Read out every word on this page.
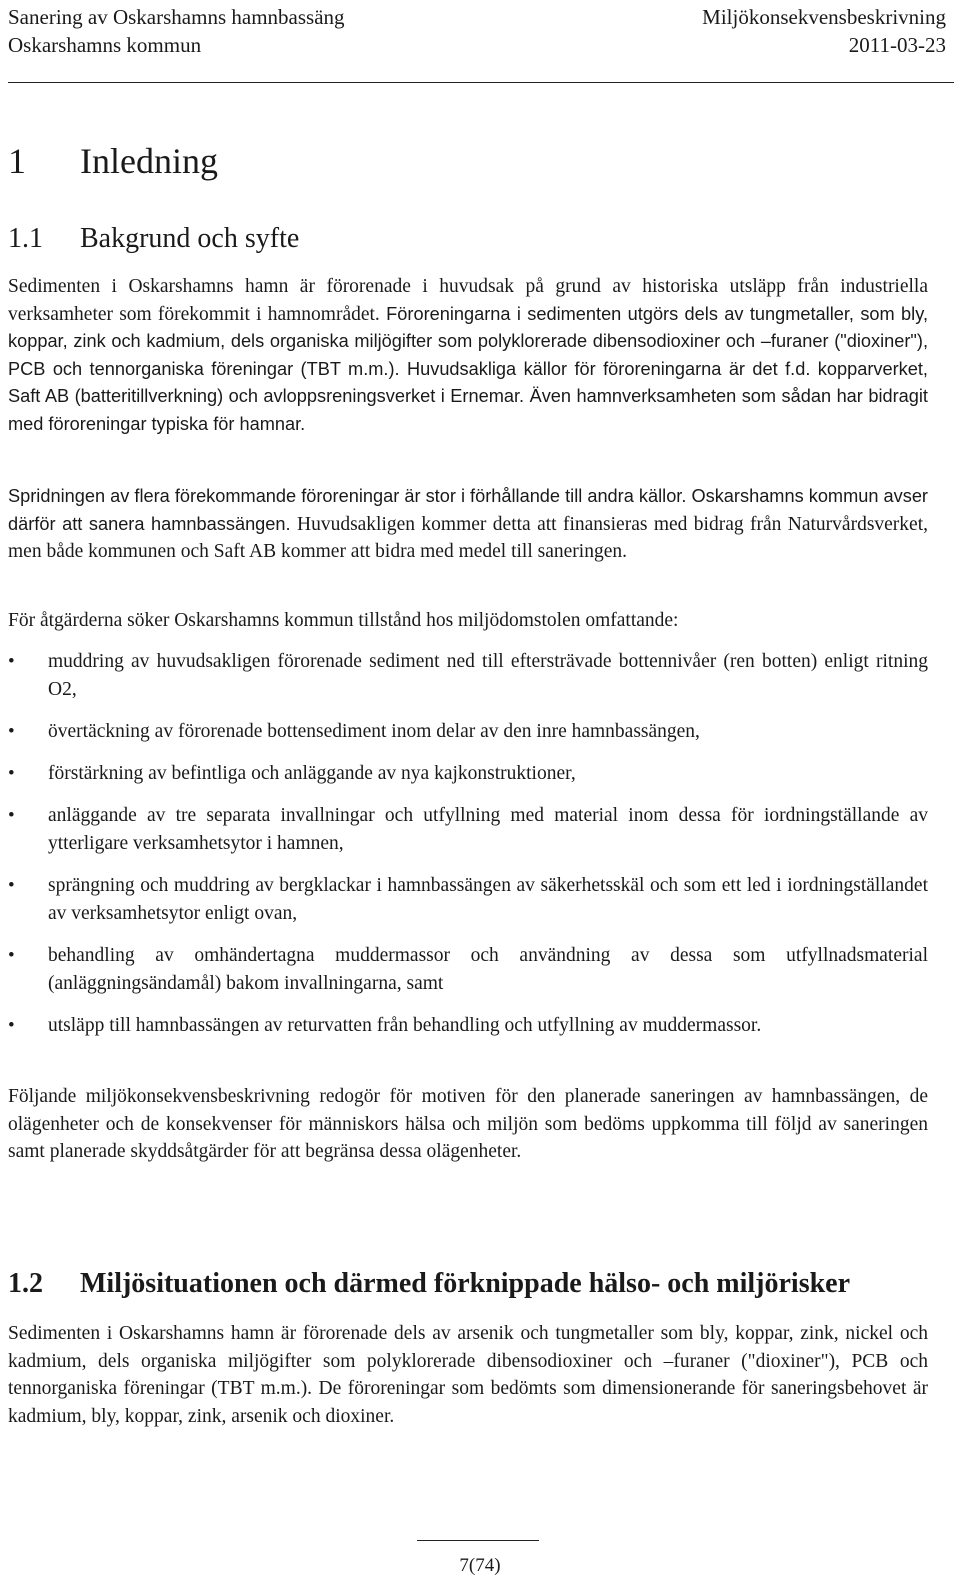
Sanering av Oskarshamns hamnbassäng
Oskarshamns kommun
Miljökonsekvensbeskrivning
2011-03-23
1 Inledning
1.1 Bakgrund och syfte

Sedimenten i Oskarshamns hamn är förorenade i huvudsak på grund av historiska utsläpp från industriella verksamheter som förekommit i hamnområdet. Föroreningarna i sedimenten utgörs dels av tungmetaller, som bly, koppar, zink och kadmium, dels organiska miljögifter som polyklorerade dibensodioxiner och –furaner ("dioxiner"), PCB och tennorganiska föreningar (TBT m.m.). Huvudsakliga källor för föroreningarna är det f.d. kopparverket, Saft AB (batteritillverkning) och avloppsreningsverket i Ernemar. Även hamnverksamheten som sådan har bidragit med föroreningar typiska för hamnar.

Spridningen av flera förekommande föroreningar är stor i förhållande till andra källor. Oskarshamns kommun avser därför att sanera hamnbassängen. Huvudsakligen kommer detta att finansieras med bidrag från Naturvårdsverket, men både kommunen och Saft AB kommer att bidra med medel till saneringen.

För åtgärderna söker Oskarshamns kommun tillstånd hos miljödomstolen omfattande:

•	muddring av huvudsakligen förorenade sediment ned till eftersträvade bottennivåer (ren botten) enligt ritning O2,
•	övertäckning av förorenade bottensediment inom delar av den inre hamnbassängen,
•	förstärkning av befintliga och anläggande av nya kajkonstruktioner,
•	anläggande av tre separata invallningar och utfyllning med material inom dessa för iordningställande av ytterligare verksamhetsytor i hamnen,
•	sprängning och muddring av bergklackar i hamnbassängen av säkerhetsskäl och som ett led i iordningställandet av verksamhetsytor enligt ovan,
•	behandling av omhändertagna muddermassor och användning av dessa som utfyllnadsmaterial (anläggningsändamål) bakom invallningarna, samt
•	utsläpp till hamnbassängen av returvatten från behandling och utfyllning av muddermassor.

Följande miljökonsekvensbeskrivning redogör för motiven för den planerade saneringen av hamnbassängen, de olägenheter och de konsekvenser för människors hälsa och miljön som bedöms uppkomma till följd av saneringen samt planerade skyddsåtgärder för att begränsa dessa olägenheter.

1.2 Miljösituationen och därmed förknippade hälso- och miljörisker

Sedimenten i Oskarshamns hamn är förorenade dels av arsenik och tungmetaller som bly, koppar, zink, nickel och kadmium, dels organiska miljögifter som polyklorerade dibensodioxiner och –furaner ("dioxiner"), PCB och tennorganiska föreningar (TBT m.m.). De föroreningar som bedömts som dimensionerande för saneringsbehovet är kadmium, bly, koppar, zink, arsenik och dioxiner.

7(74)
